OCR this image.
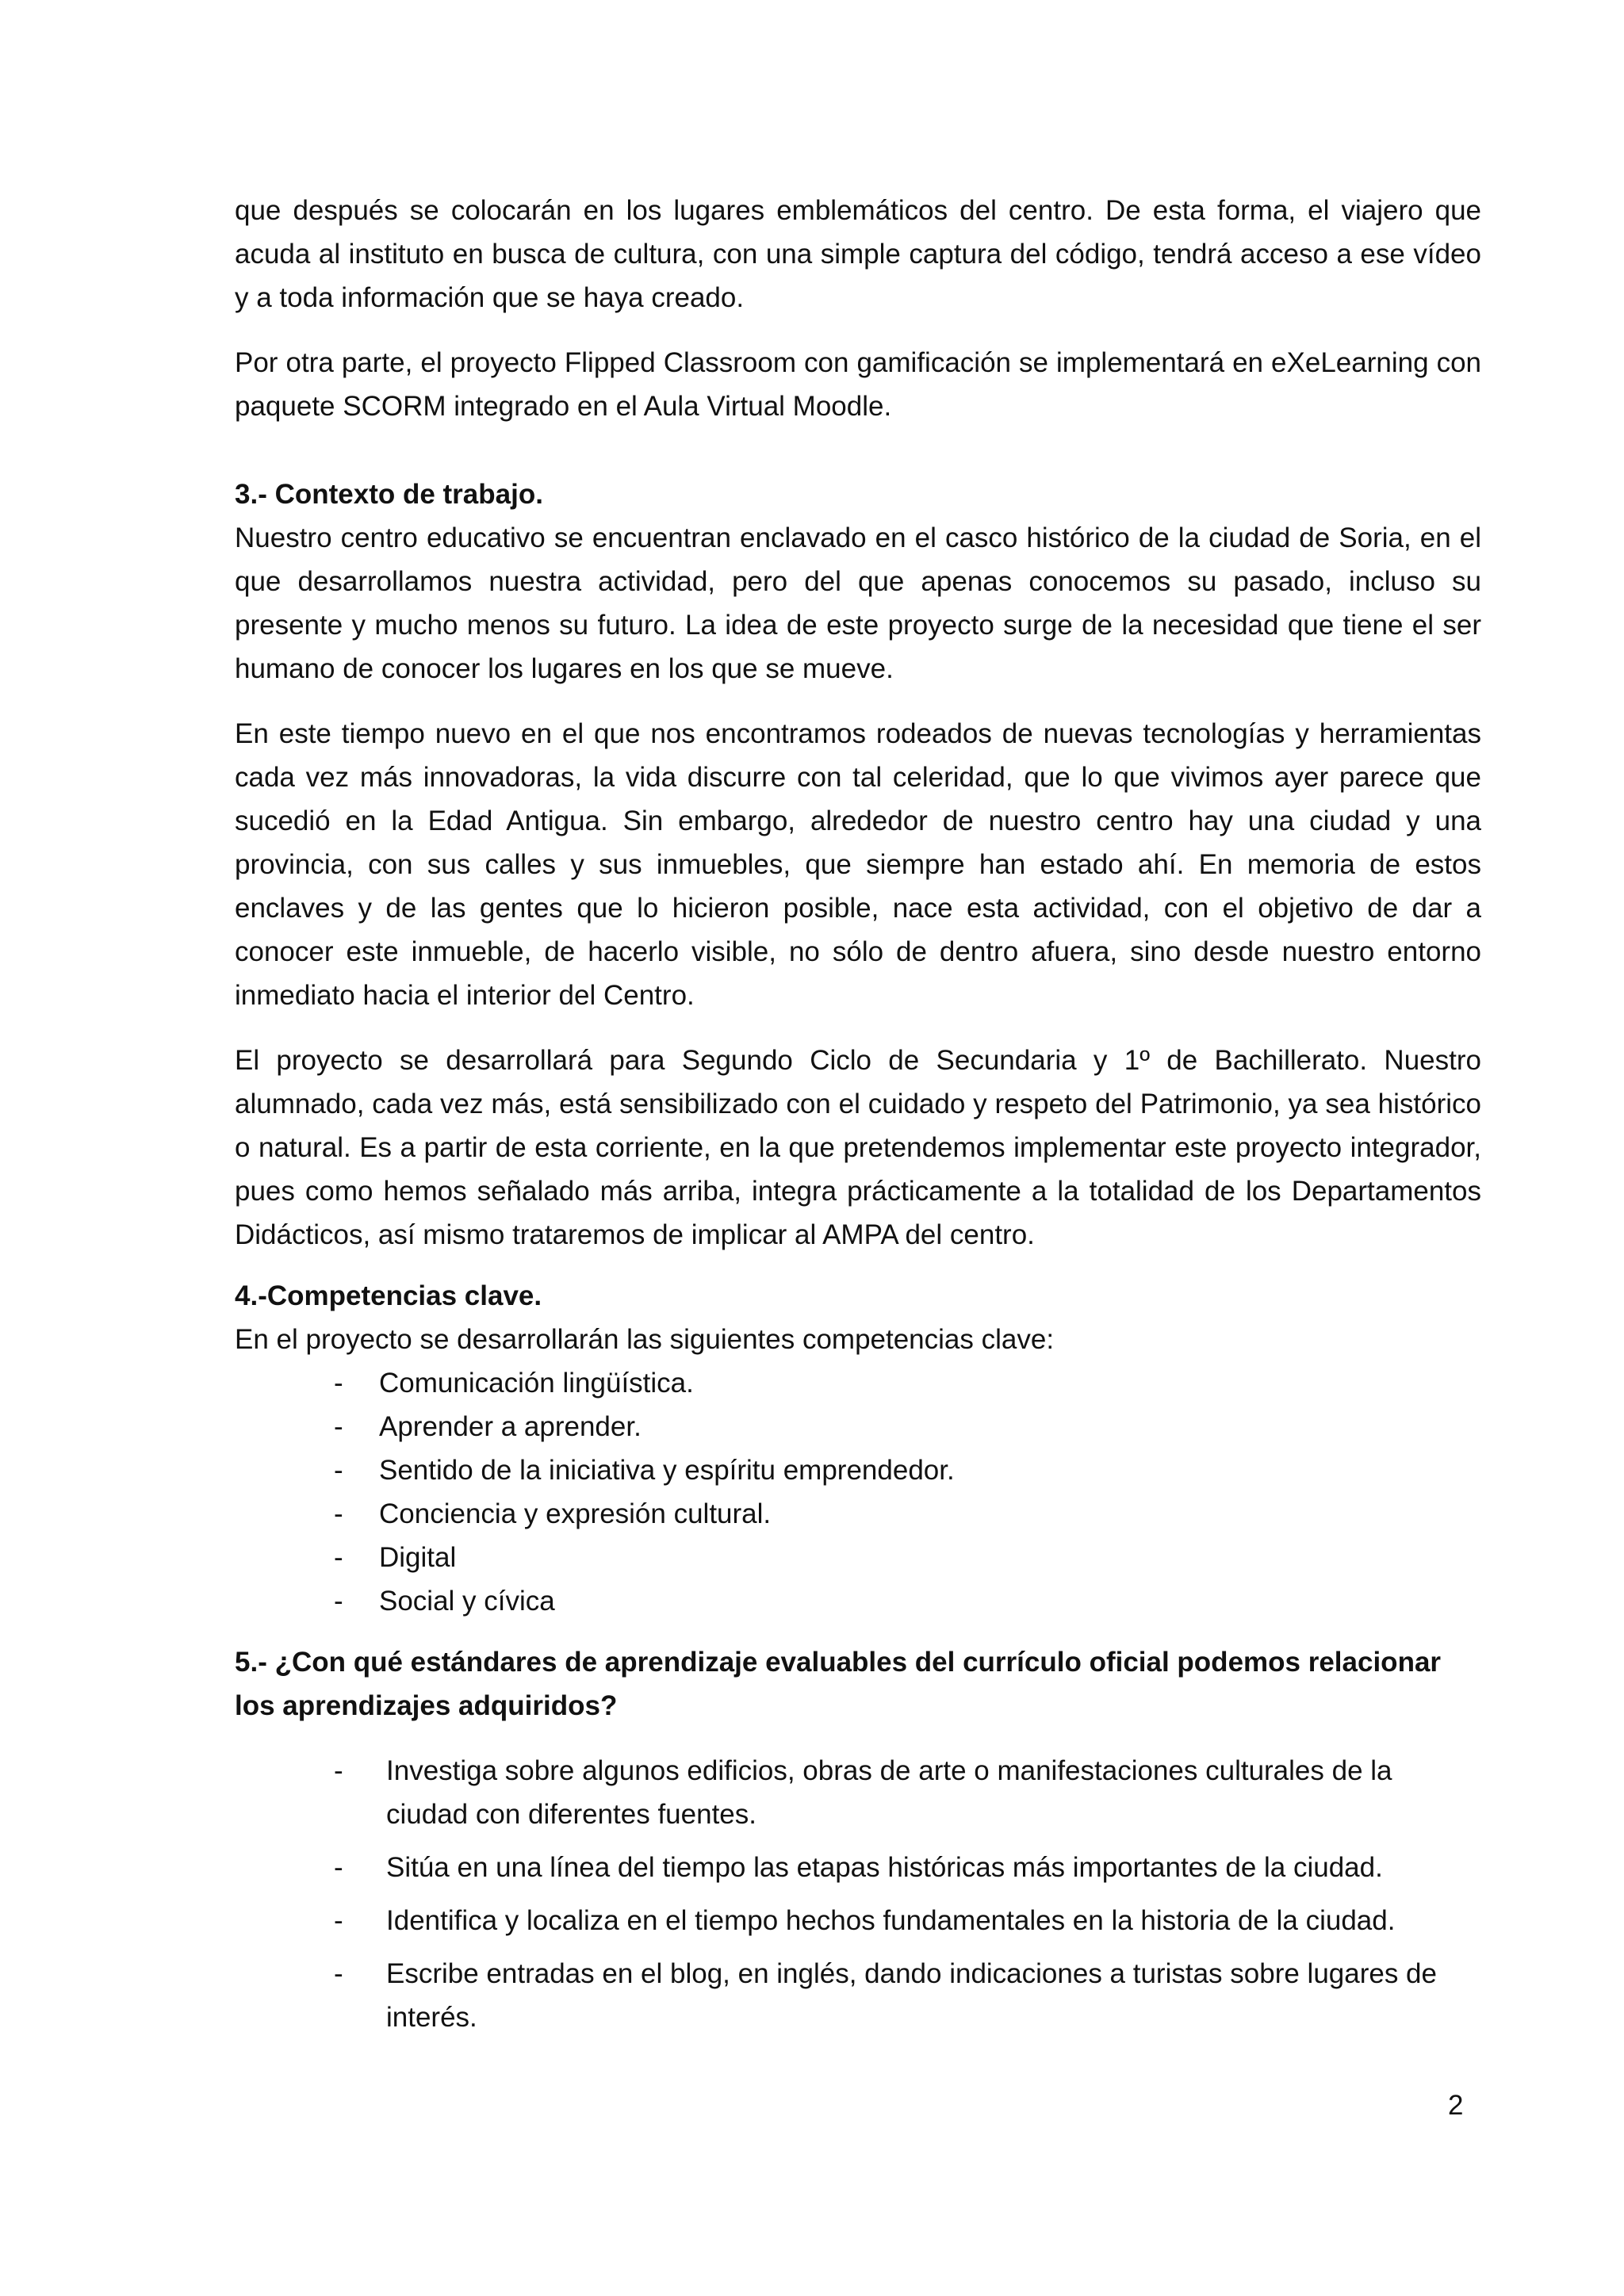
que después se colocarán en los lugares emblemáticos del centro. De esta forma, el viajero que acuda al instituto en busca de cultura, con una simple captura del código, tendrá acceso a ese vídeo y a toda información que se haya creado.

Por otra parte, el proyecto Flipped Classroom con gamificación se implementará en eXeLearning con paquete SCORM integrado en el Aula Virtual Moodle.

3.- Contexto de trabajo.

Nuestro centro educativo se encuentran enclavado en el casco histórico de la ciudad de Soria, en el que desarrollamos nuestra actividad, pero del que apenas conocemos su pasado, incluso su presente y mucho menos su futuro. La idea de este proyecto surge de la necesidad que tiene el ser humano de conocer los lugares en los que se mueve.

En este tiempo nuevo en el que nos encontramos rodeados de nuevas tecnologías y herramientas cada vez más innovadoras, la vida discurre con tal celeridad, que lo que vivimos ayer parece que sucedió en la Edad Antigua. Sin embargo, alrededor de nuestro centro hay una ciudad y una provincia, con sus calles y sus inmuebles, que siempre han estado ahí. En memoria de estos enclaves y de las gentes que lo hicieron posible, nace esta actividad, con el objetivo de dar a conocer este inmueble, de hacerlo visible, no sólo de dentro afuera, sino desde nuestro entorno inmediato hacia el interior del Centro.

El proyecto se desarrollará para Segundo Ciclo de Secundaria y 1º de Bachillerato. Nuestro alumnado, cada vez más, está sensibilizado con el cuidado y respeto del Patrimonio, ya sea histórico o natural. Es a partir de esta corriente, en la que pretendemos implementar este proyecto integrador, pues como hemos señalado más arriba, integra prácticamente a la totalidad de los Departamentos Didácticos, así mismo trataremos de implicar al AMPA del centro.

4.-Competencias clave.

En el proyecto se desarrollarán las siguientes competencias clave:

- Comunicación lingüística.
- Aprender a aprender.
- Sentido de la iniciativa y espíritu emprendedor.
- Conciencia y expresión cultural.
- Digital
- Social y cívica
5.- ¿Con qué estándares de aprendizaje evaluables del currículo oficial podemos relacionar los aprendizajes adquiridos?
- Investiga sobre algunos edificios, obras de arte o manifestaciones culturales de la ciudad con diferentes fuentes.
- Sitúa en una línea del tiempo las etapas históricas más importantes de la ciudad.
- Identifica y localiza en el tiempo hechos fundamentales en la historia de la ciudad.
- Escribe entradas en el blog, en inglés, dando indicaciones a turistas sobre lugares de interés.
2
